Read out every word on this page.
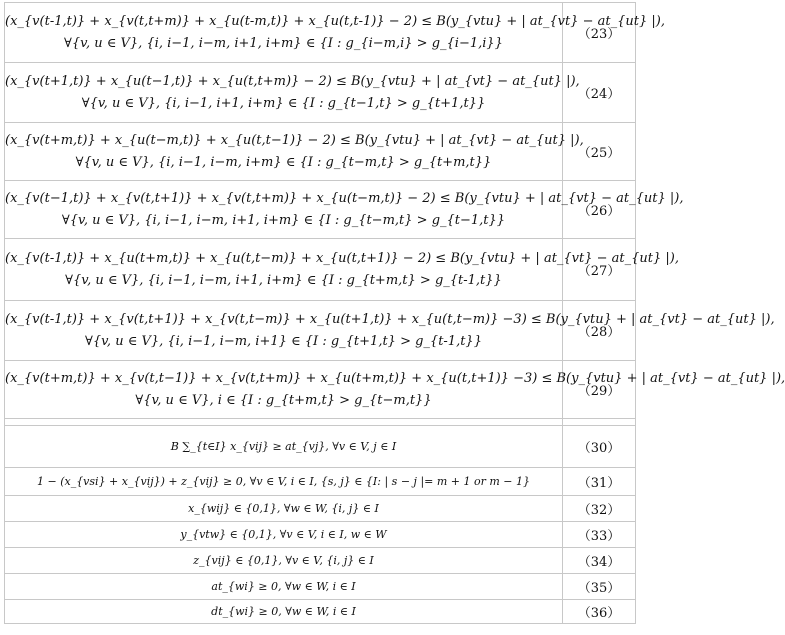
(x_{v(t-1,t)} + x_{v(t,t+m)} + x_{u(t-m,t)} + x_{u(t,t-1)} − 2) ≤ B(y_{vtu} + | at_{vt} − at_{ut} |),
∀{v, u ∈ V}, {i, i−1, i−m, i+1, i+m} ∈ {I : g_{i−m,i} > g_{i−1,i}}	（23）

(x_{v(t+1,t)} + x_{u(t−1,t)} + x_{u(t,t+m)} − 2) ≤ B(y_{vtu} + | at_{vt} − at_{ut} |),
∀{v, u ∈ V}, {i, i−1, i+1, i+m} ∈ {I : g_{t−1,t} > g_{t+1,t}}	（24）

(x_{v(t+m,t)} + x_{u(t−m,t)} + x_{u(t,t−1)} − 2) ≤ B(y_{vtu} + | at_{vt} − at_{ut} |),
∀{v, u ∈ V}, {i, i−1, i−m, i+m} ∈ {I : g_{t−m,t} > g_{t+m,t}}	（25）

(x_{v(t−1,t)} + x_{v(t,t+1)} + x_{v(t,t+m)} + x_{u(t−m,t)} − 2) ≤ B(y_{vtu} + | at_{vt} − at_{ut} |),
∀{v, u ∈ V}, {i, i−1, i−m, i+1, i+m} ∈ {I : g_{t−m,t} > g_{t−1,t}}	（26）

(x_{v(t-1,t)} + x_{u(t+m,t)} + x_{u(t,t−m)} + x_{u(t,t+1)} − 2) ≤ B(y_{vtu} + | at_{vt} − at_{ut} |),
∀{v, u ∈ V}, {i, i−1, i−m, i+1, i+m} ∈ {I : g_{t+m,t} > g_{t-1,t}}	（27）

(x_{v(t-1,t)} + x_{v(t,t+1)} + x_{v(t,t−m)} + x_{u(t+1,t)} + x_{u(t,t−m)} −3) ≤ B(y_{vtu} + | at_{vt} − at_{ut} |),
∀{v, u ∈ V}, {i, i−1, i−m, i+1} ∈ {I : g_{t+1,t} > g_{t-1,t}}	（28）

(x_{v(t+m,t)} + x_{v(t,t−1)} + x_{v(t,t+m)} + x_{u(t+m,t)} + x_{u(t,t+1)} −3) ≤ B(y_{vtu} + | at_{vt} − at_{ut} |),
∀{v, u ∈ V}, i ∈ {I : g_{t+m,t} > g_{t−m,t}}	（29）

B ∑_{t∈I} x_{vij} ≥ at_{vj}, ∀v ∈ V, j ∈ I	（30）
1 − (x_{vsi} + x_{vij}) + z_{vij} ≥ 0, ∀v ∈ V, i ∈ I, {s, j} ∈ {I: | s − j |= m + 1 or m − 1}	（31）
x_{wij} ∈ {0,1}, ∀w ∈ W, {i, j} ∈ I	（32）
y_{vtw} ∈ {0,1}, ∀v ∈ V, i ∈ I, w ∈ W	（33）
z_{vij} ∈ {0,1}, ∀v ∈ V, {i, j} ∈ I	（34）
at_{wi} ≥ 0, ∀w ∈ W, i ∈ I	（35）
dt_{wi} ≥ 0, ∀w ∈ W, i ∈ I	（36）
